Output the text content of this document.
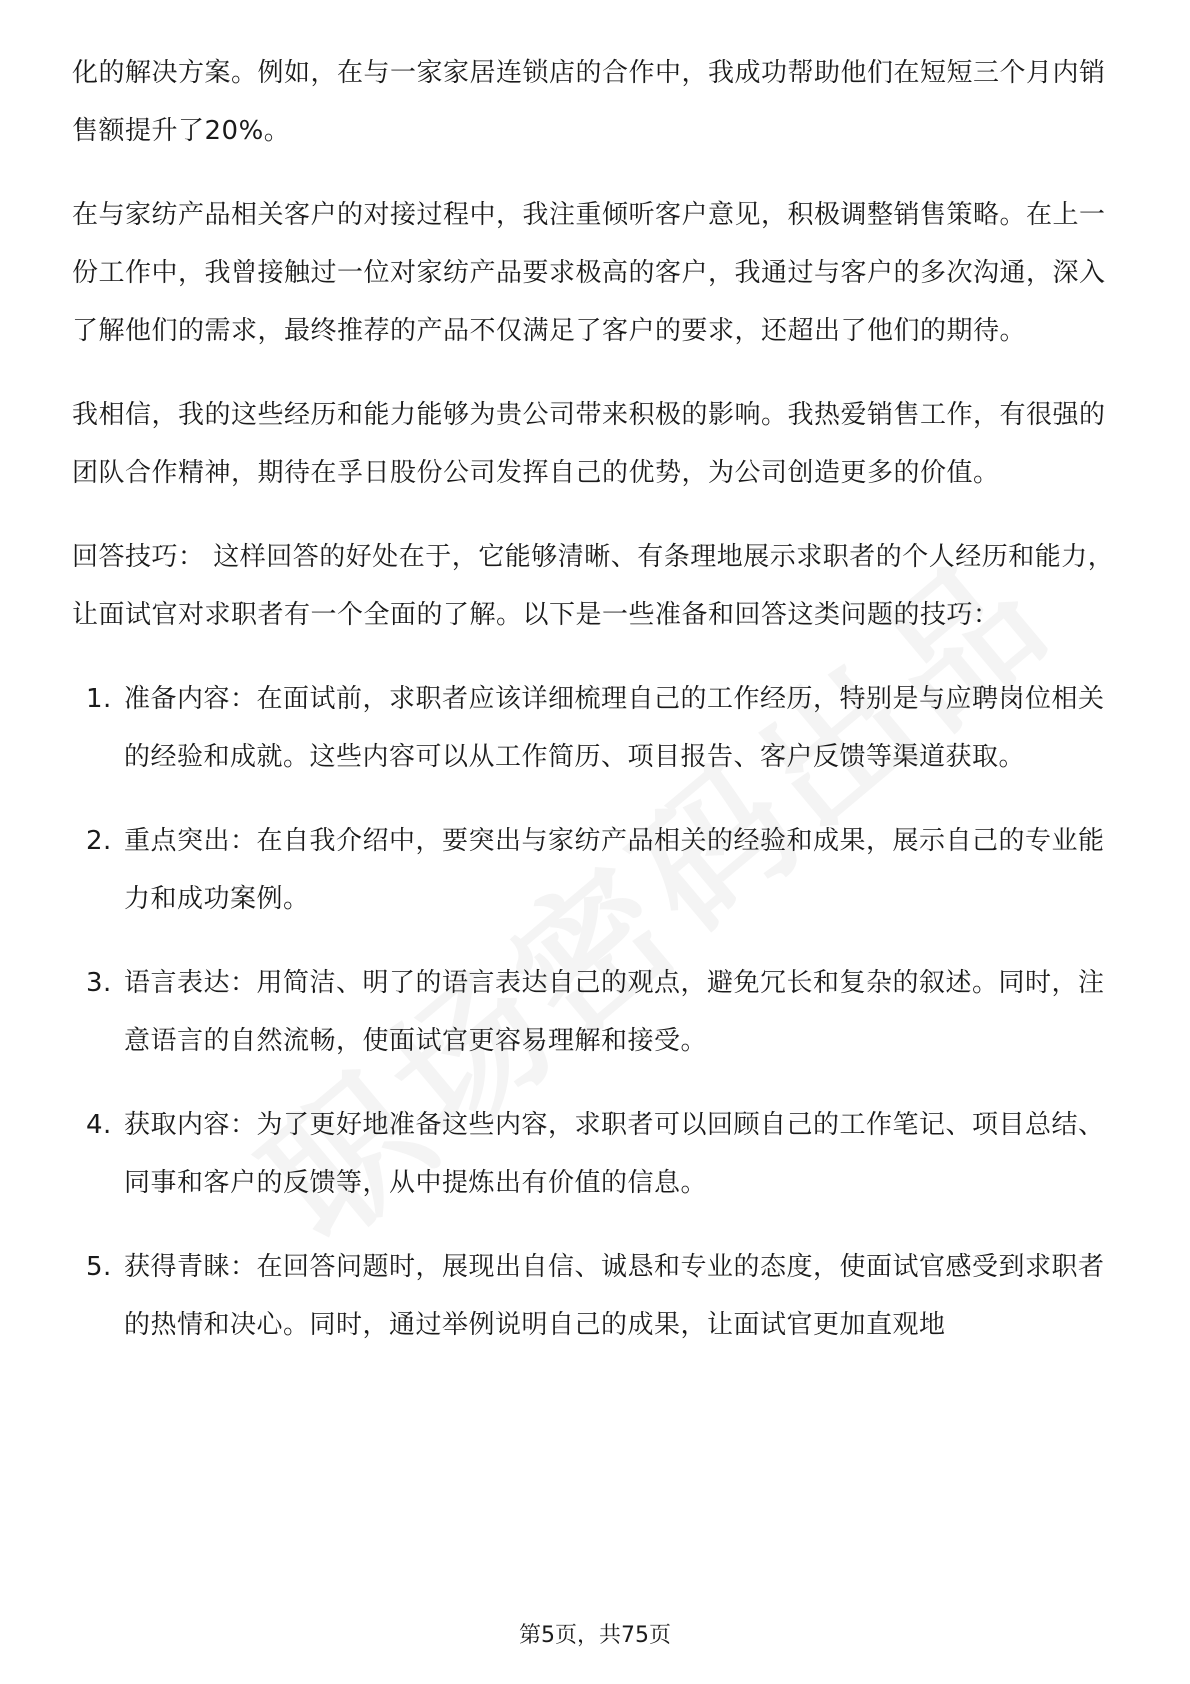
化的解决方案。例如，在与一家家居连锁店的合作中，我成功帮助他们在短短三个月内销售额提升了20%。

在与家纺产品相关客户的对接过程中，我注重倾听客户意见，积极调整销售策略。在上一份工作中，我曾接触过一位对家纺产品要求极高的客户，我通过与客户的多次沟通，深入了解他们的需求，最终推荐的产品不仅满足了客户的要求，还超出了他们的期待。

我相信，我的这些经历和能力能够为贵公司带来积极的影响。我热爱销售工作，有很强的团队合作精神，期待在孚日股份公司发挥自己的优势，为公司创造更多的价值。

回答技巧： 这样回答的好处在于，它能够清晰、有条理地展示求职者的个人经历和能力，让面试官对求职者有一个全面的了解。以下是一些准备和回答这类问题的技巧：

1. 准备内容：在面试前，求职者应该详细梳理自己的工作经历，特别是与应聘岗位相关的经验和成就。这些内容可以从工作简历、项目报告、客户反馈等渠道获取。
2. 重点突出：在自我介绍中，要突出与家纺产品相关的经验和成果，展示自己的专业能力和成功案例。
3. 语言表达：用简洁、明了的语言表达自己的观点，避免冗长和复杂的叙述。同时，注意语言的自然流畅，使面试官更容易理解和接受。
4. 获取内容：为了更好地准备这些内容，求职者可以回顾自己的工作笔记、项目总结、同事和客户的反馈等，从中提炼出有价值的信息。
5. 获得青睐：在回答问题时，展现出自信、诚恳和专业的态度，使面试官感受到求职者的热情和决心。同时，通过举例说明自己的成果，让面试官更加直观地
第5页，共75页
